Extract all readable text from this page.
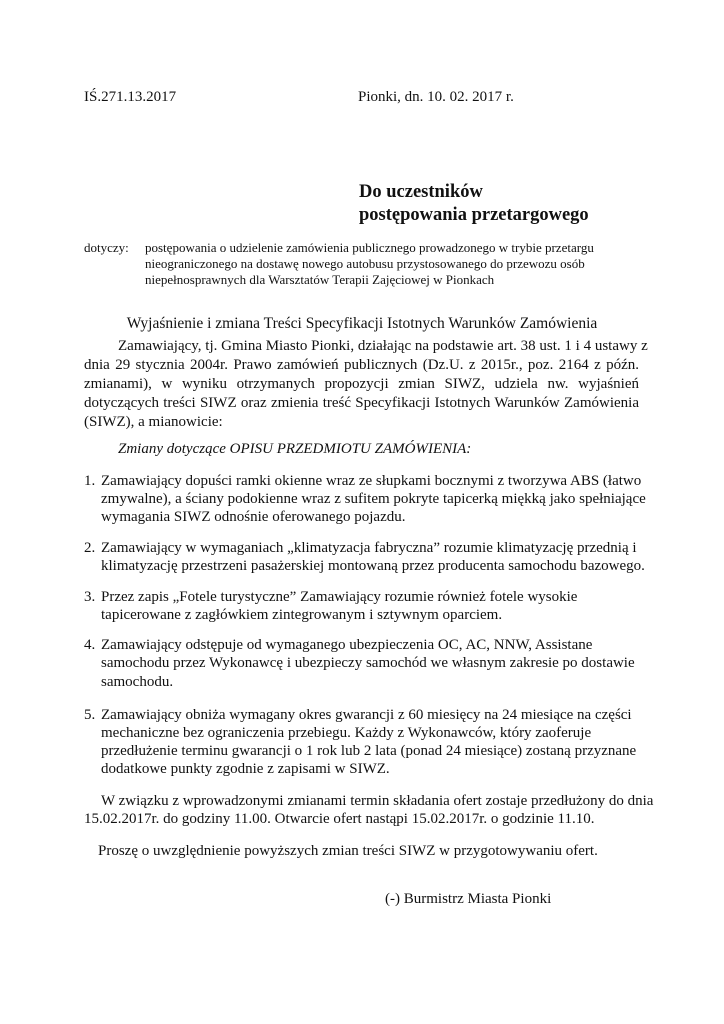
IŚ.271.13.2017	Pionki, dn. 10. 02. 2017 r.
Do uczestników
postępowania przetargowego
dotyczy: postępowania o udzielenie zamówienia publicznego prowadzonego w trybie przetargu
nieograniczonego na dostawę nowego autobusu przystosowanego do przewozu osób
niepełnosprawnych dla Warsztatów Terapii Zajęciowej w Pionkach
Wyjaśnienie i zmiana Treści Specyfikacji Istotnych Warunków Zamówienia
Zamawiający, tj. Gmina Miasto Pionki, działając na podstawie art. 38 ust. 1 i 4 ustawy z
dnia 29 stycznia 2004r. Prawo zamówień publicznych (Dz.U. z 2015r., poz. 2164 z późn.
zmianami), w wyniku otrzymanych propozycji zmian SIWZ, udziela nw. wyjaśnień
dotyczących treści SIWZ oraz zmienia treść Specyfikacji Istotnych Warunków Zamówienia
(SIWZ), a mianowicie:
Zmiany dotyczące OPISU PRZEDMIOTU ZAMÓWIENIA:
1. Zamawiający dopuści ramki okienne wraz ze słupkami bocznymi z tworzywa ABS (łatwo
zmywalne), a ściany podokienne wraz z sufitem pokryte tapicerką miękką jako spełniające
wymagania SIWZ odnośnie oferowanego pojazdu.
2. Zamawiający w wymaganiach „klimatyzacja fabryczna” rozumie klimatyzację przednią i
klimatyzację przestrzeni pasażerskiej montowaną przez producenta samochodu bazowego.
3. Przez zapis „Fotele turystyczne” Zamawiający rozumie również fotele wysokie
tapicerowane z zagłówkiem zintegrowanym i sztywnym oparciem.
4. Zamawiający odstępuje od wymaganego ubezpieczenia OC, AC, NNW, Assistane
samochodu przez Wykonawcę i ubezpieczy samochód we własnym zakresie po dostawie
samochodu.
5. Zamawiający obniża wymagany okres gwarancji z 60 miesięcy na 24 miesiące na części
mechaniczne bez ograniczenia przebiegu. Każdy z Wykonawców, który zaoferuje
przedłużenie terminu gwarancji o 1 rok lub 2 lata (ponad 24 miesiące) zostaną przyznane
dodatkowe punkty zgodnie z zapisami w SIWZ.
W związku z wprowadzonymi zmianami termin składania ofert zostaje przedłużony do dnia
15.02.2017r. do godziny 11.00. Otwarcie ofert nastąpi 15.02.2017r. o godzinie 11.10.
Proszę o uwzględnienie powyższych zmian treści SIWZ w przygotowywaniu ofert.
(-) Burmistrz Miasta Pionki
